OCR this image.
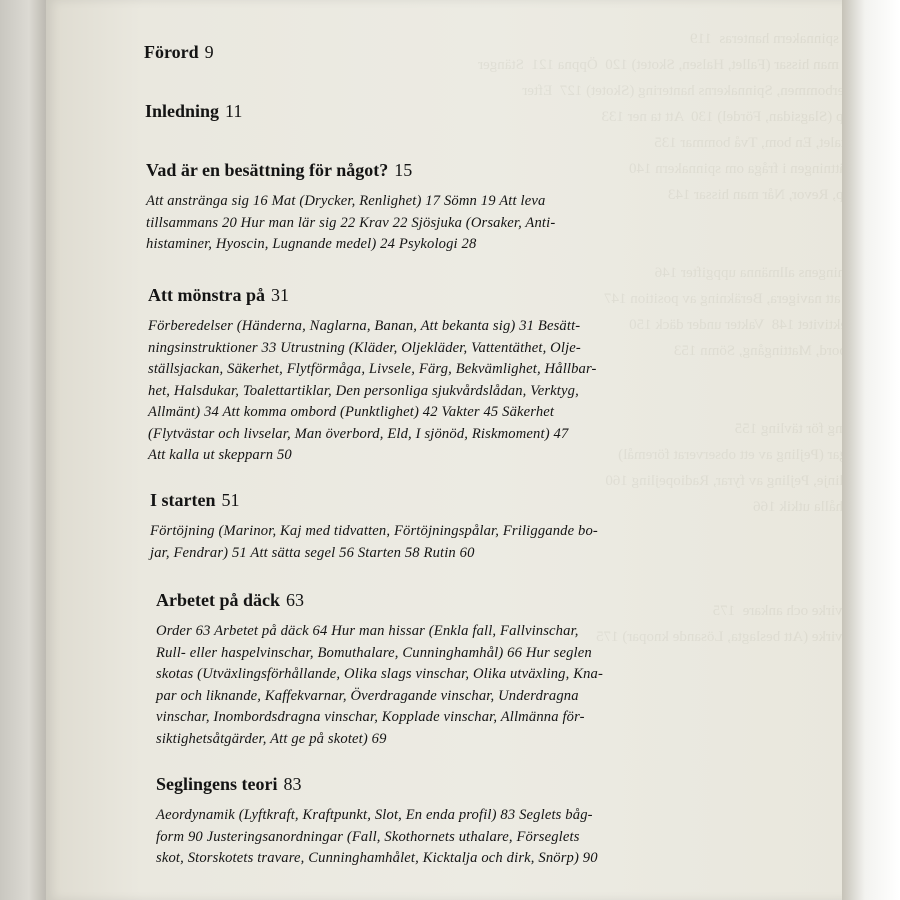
spinnakern hanteras  119
man hissar (Fallet, Halsen, Skotet) 120  Öppna 121  Stänger
nakerbommen, Spinnakerns hantering (Skotet) 127  Efter
(Slagsidan, Fördel) 130  Att ta ner 133
flertalet, En bom, Två bommar 135
besättningen i fråga om spinnakern 140
Revor, Når man hissar 143

sattningens allmänna uppgifter 146
att navigera, Beräkning av position 147
Effektivitet 148  Vakter under däck 150
ombord, Mattingång, Sömn 153

för tävling 155
(Pejling av ett observerat föremål)
Enslinje, Pejling av fyrar, Radiopejling 160
hålla utkik 166

Tågvirke och ankare  175
Tågvirke (Att beslagta, Lösande knopar) 175

Förord 9
Inledning 11
Vad är en besättning för något? 15
Att anstränga sig 16 Mat (Drycker, Renlighet) 17 Sömn 19 Att leva
tillsammans 20 Hur man lär sig 22 Krav 22 Sjösjuka (Orsaker, Anti-
histaminer, Hyoscin, Lugnande medel) 24 Psykologi 28
Att mönstra på 31
Förberedelser (Händerna, Naglarna, Banan, Att bekanta sig) 31 Besätt-
ningsinstruktioner 33 Utrustning (Kläder, Oljekläder, Vattentäthet, Olje-
ställsjackan, Säkerhet, Flytförmåga, Livsele, Färg, Bekvämlighet, Hållbar-
het, Halsdukar, Toalettartiklar, Den personliga sjukvårdslådan, Verktyg,
Allmänt) 34 Att komma ombord (Punktlighet) 42 Vakter 45 Säkerhet
(Flytvästar och livselar, Man överbord, Eld, I sjönöd, Riskmoment) 47
Att kalla ut skepparn 50
I starten 51
Förtöjning (Marinor, Kaj med tidvatten, Förtöjningspålar, Friliggande bo-
jar, Fendrar) 51 Att sätta segel 56 Starten 58 Rutin 60
Arbetet på däck 63
Order 63 Arbetet på däck 64 Hur man hissar (Enkla fall, Fallvinschar,
Rull- eller haspelvinschar, Bomuthalare, Cunninghamhål) 66 Hur seglen
skotas (Utväxlingsförhållande, Olika slags vinschar, Olika utväxling, Kna-
par och liknande, Kaffekvarnar, Överdragande vinschar, Underdragna
vinschar, Inombordsdragna vinschar, Kopplade vinschar, Allmänna för-
siktighetsåtgärder, Att ge på skotet) 69
Seglingens teori 83
Aeordynamik (Lyftkraft, Kraftpunkt, Slot, En enda profil) 83 Seglets båg-
form 90 Justeringsanordningar (Fall, Skothornets uthalare, Förseglets
skot, Storskotets travare, Cunninghamhålet, Kicktalja och dirk, Snörp) 90
